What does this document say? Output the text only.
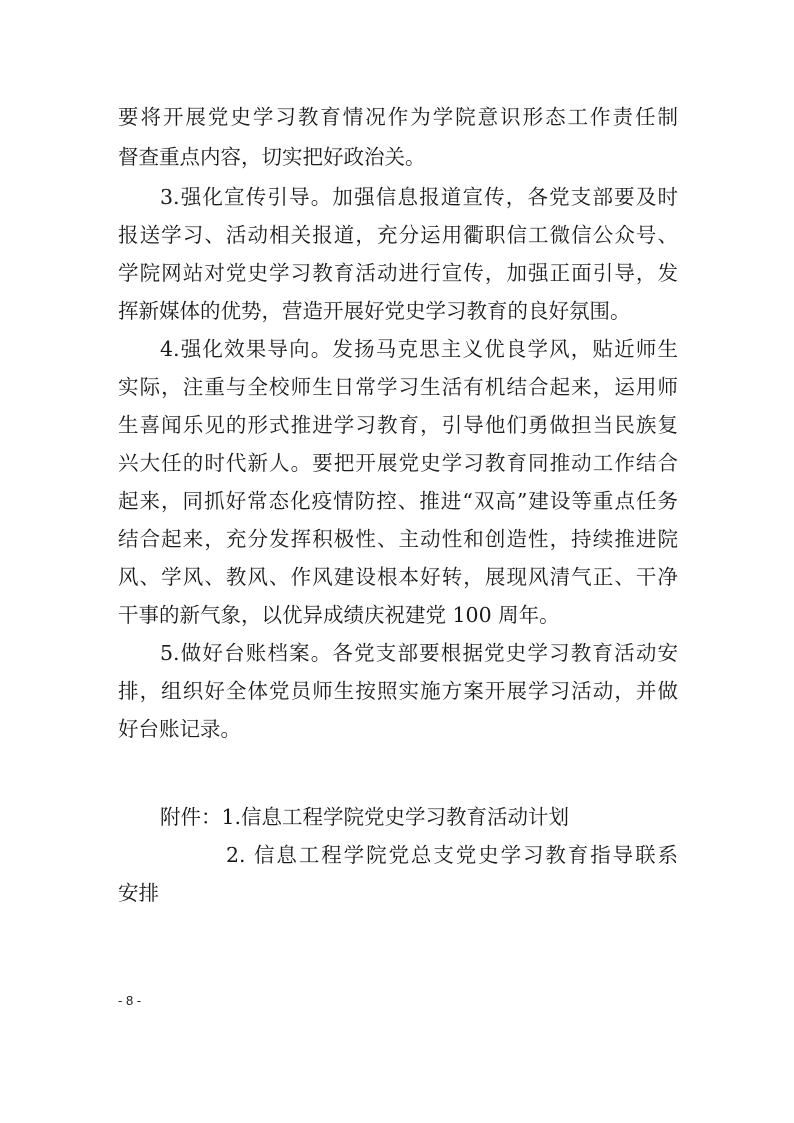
要将开展党史学习教育情况作为学院意识形态工作责任制
督查重点内容，切实把好政治关。
3.强化宣传引导。加强信息报道宣传，各党支部要及时
报送学习、活动相关报道，充分运用衢职信工微信公众号、
学院网站对党史学习教育活动进行宣传，加强正面引导，发
挥新媒体的优势，营造开展好党史学习教育的良好氛围。
4.强化效果导向。发扬马克思主义优良学风，贴近师生
实际，注重与全校师生日常学习生活有机结合起来，运用师
生喜闻乐见的形式推进学习教育，引导他们勇做担当民族复
兴大任的时代新人。要把开展党史学习教育同推动工作结合
起来，同抓好常态化疫情防控、推进“双高”建设等重点任务
结合起来，充分发挥积极性、主动性和创造性，持续推进院
风、学风、教风、作风建设根本好转，展现风清气正、干净
干事的新气象，以优异成绩庆祝建党 100 周年。
5.做好台账档案。各党支部要根据党史学习教育活动安
排，组织好全体党员师生按照实施方案开展学习活动，并做
好台账记录。
附件：1.信息工程学院党史学习教育活动计划
2. 信息工程学院党总支党史学习教育指导联系
安排
- 8 -
